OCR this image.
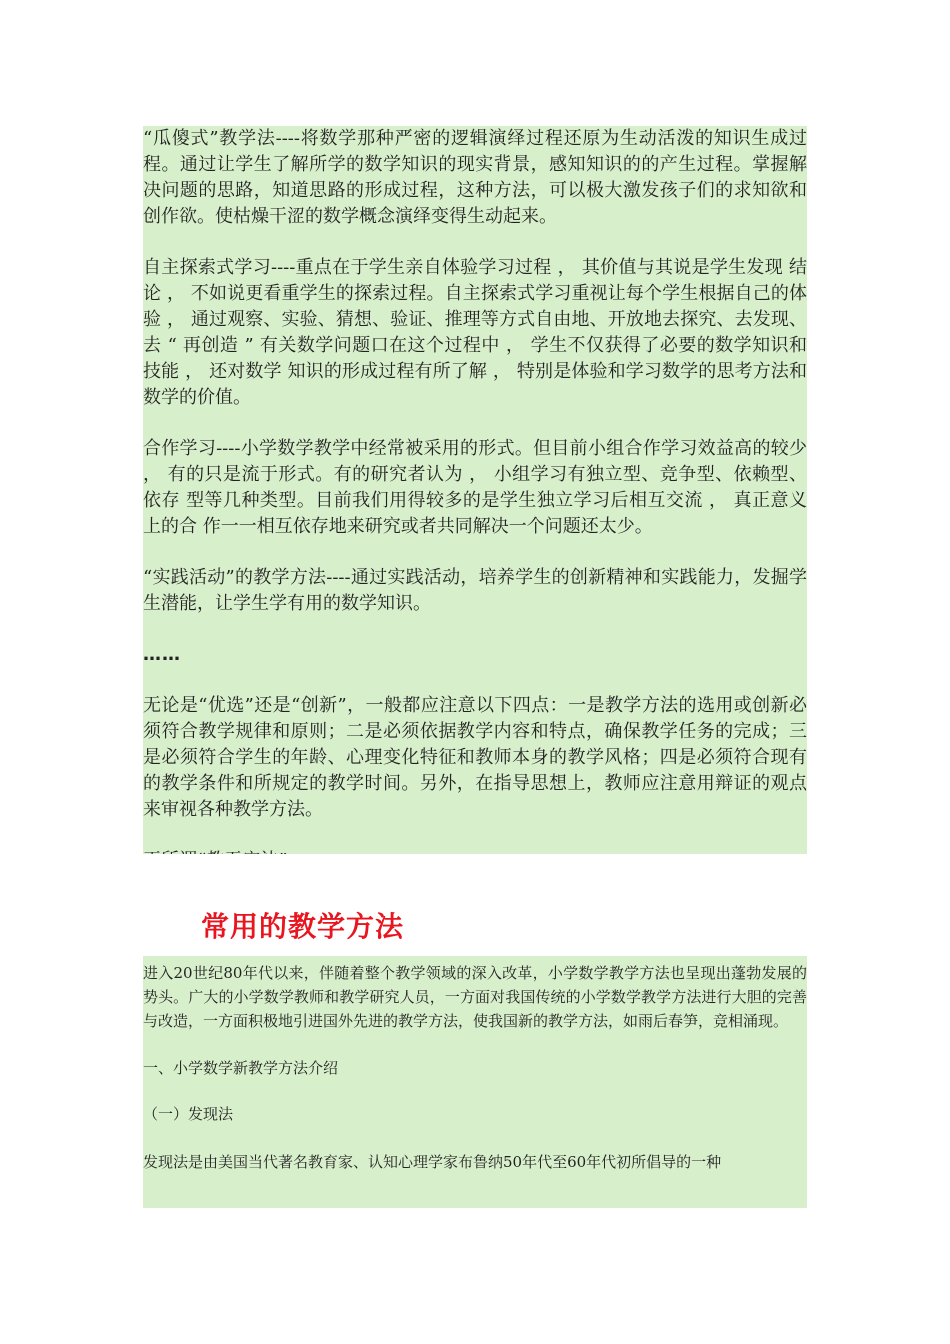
“瓜傻式”教学法----将数学那种严密的逻辑演绎过程还原为生动活泼的知识生成过程。通过让学生了解所学的数学知识的现实背景，感知知识的的产生过程。掌握解决问题的思路，知道思路的形成过程，这种方法，可以极大激发孩子们的求知欲和创作欲。使枯燥干涩的数学概念演绎变得生动起来。

自主探索式学习----重点在于学生亲自体验学习过程 ， 其价值与其说是学生发现 结论 ， 不如说更看重学生的探索过程。自主探索式学习重视让每个学生根据自己的体 验 ， 通过观察、实验、猜想、验证、推理等方式自由地、开放地去探究、去发现、去 “ 再创造 ” 有关数学问题口在这个过程中 ， 学生不仅获得了必要的数学知识和技能 ， 还对数学 知识的形成过程有所了解 ， 特别是体验和学习数学的思考方法和数学的价值。

合作学习----小学数学教学中经常被采用的形式。但目前小组合作学习效益高的较少 ， 有的只是流于形式。有的研究者认为 ， 小组学习有独立型、竞争型、依赖型、依存 型等几种类型。目前我们用得较多的是学生独立学习后相互交流 ， 真正意义上的合 作一一相互依存地来研究或者共同解决一个问题还太少。

“实践活动”的教学方法----通过实践活动，培养学生的创新精神和实践能力，发掘学生潜能，让学生学有用的数学知识。

……

无论是“优选”还是“创新”，一般都应注意以下四点：一是教学方法的选用或创新必须符合教学规律和原则；二是必须依据教学内容和特点，确保教学任务的完成；三是必须符合学生的年龄、心理变化特征和教师本身的教学风格；四是必须符合现有的教学条件和所规定的教学时间。另外，在指导思想上，教师应注意用辩证的观点来审视各种教学方法。

常用的教学方法

进入20世纪80年代以来，伴随着整个教学领域的深入改革，小学数学教学方法也呈现出蓬勃发展的势头。广大的小学数学教师和教学研究人员，一方面对我国传统的小学数学教学方法进行大胆的完善与改造，一方面积极地引进国外先进的教学方法，使我国新的教学方法，如雨后春笋，竞相涌现。

一、小学数学新教学方法介绍

（一）发现法

发现法是由美国当代著名教育家、认知心理学家布鲁纳50年代至60年代初所倡导的一种
